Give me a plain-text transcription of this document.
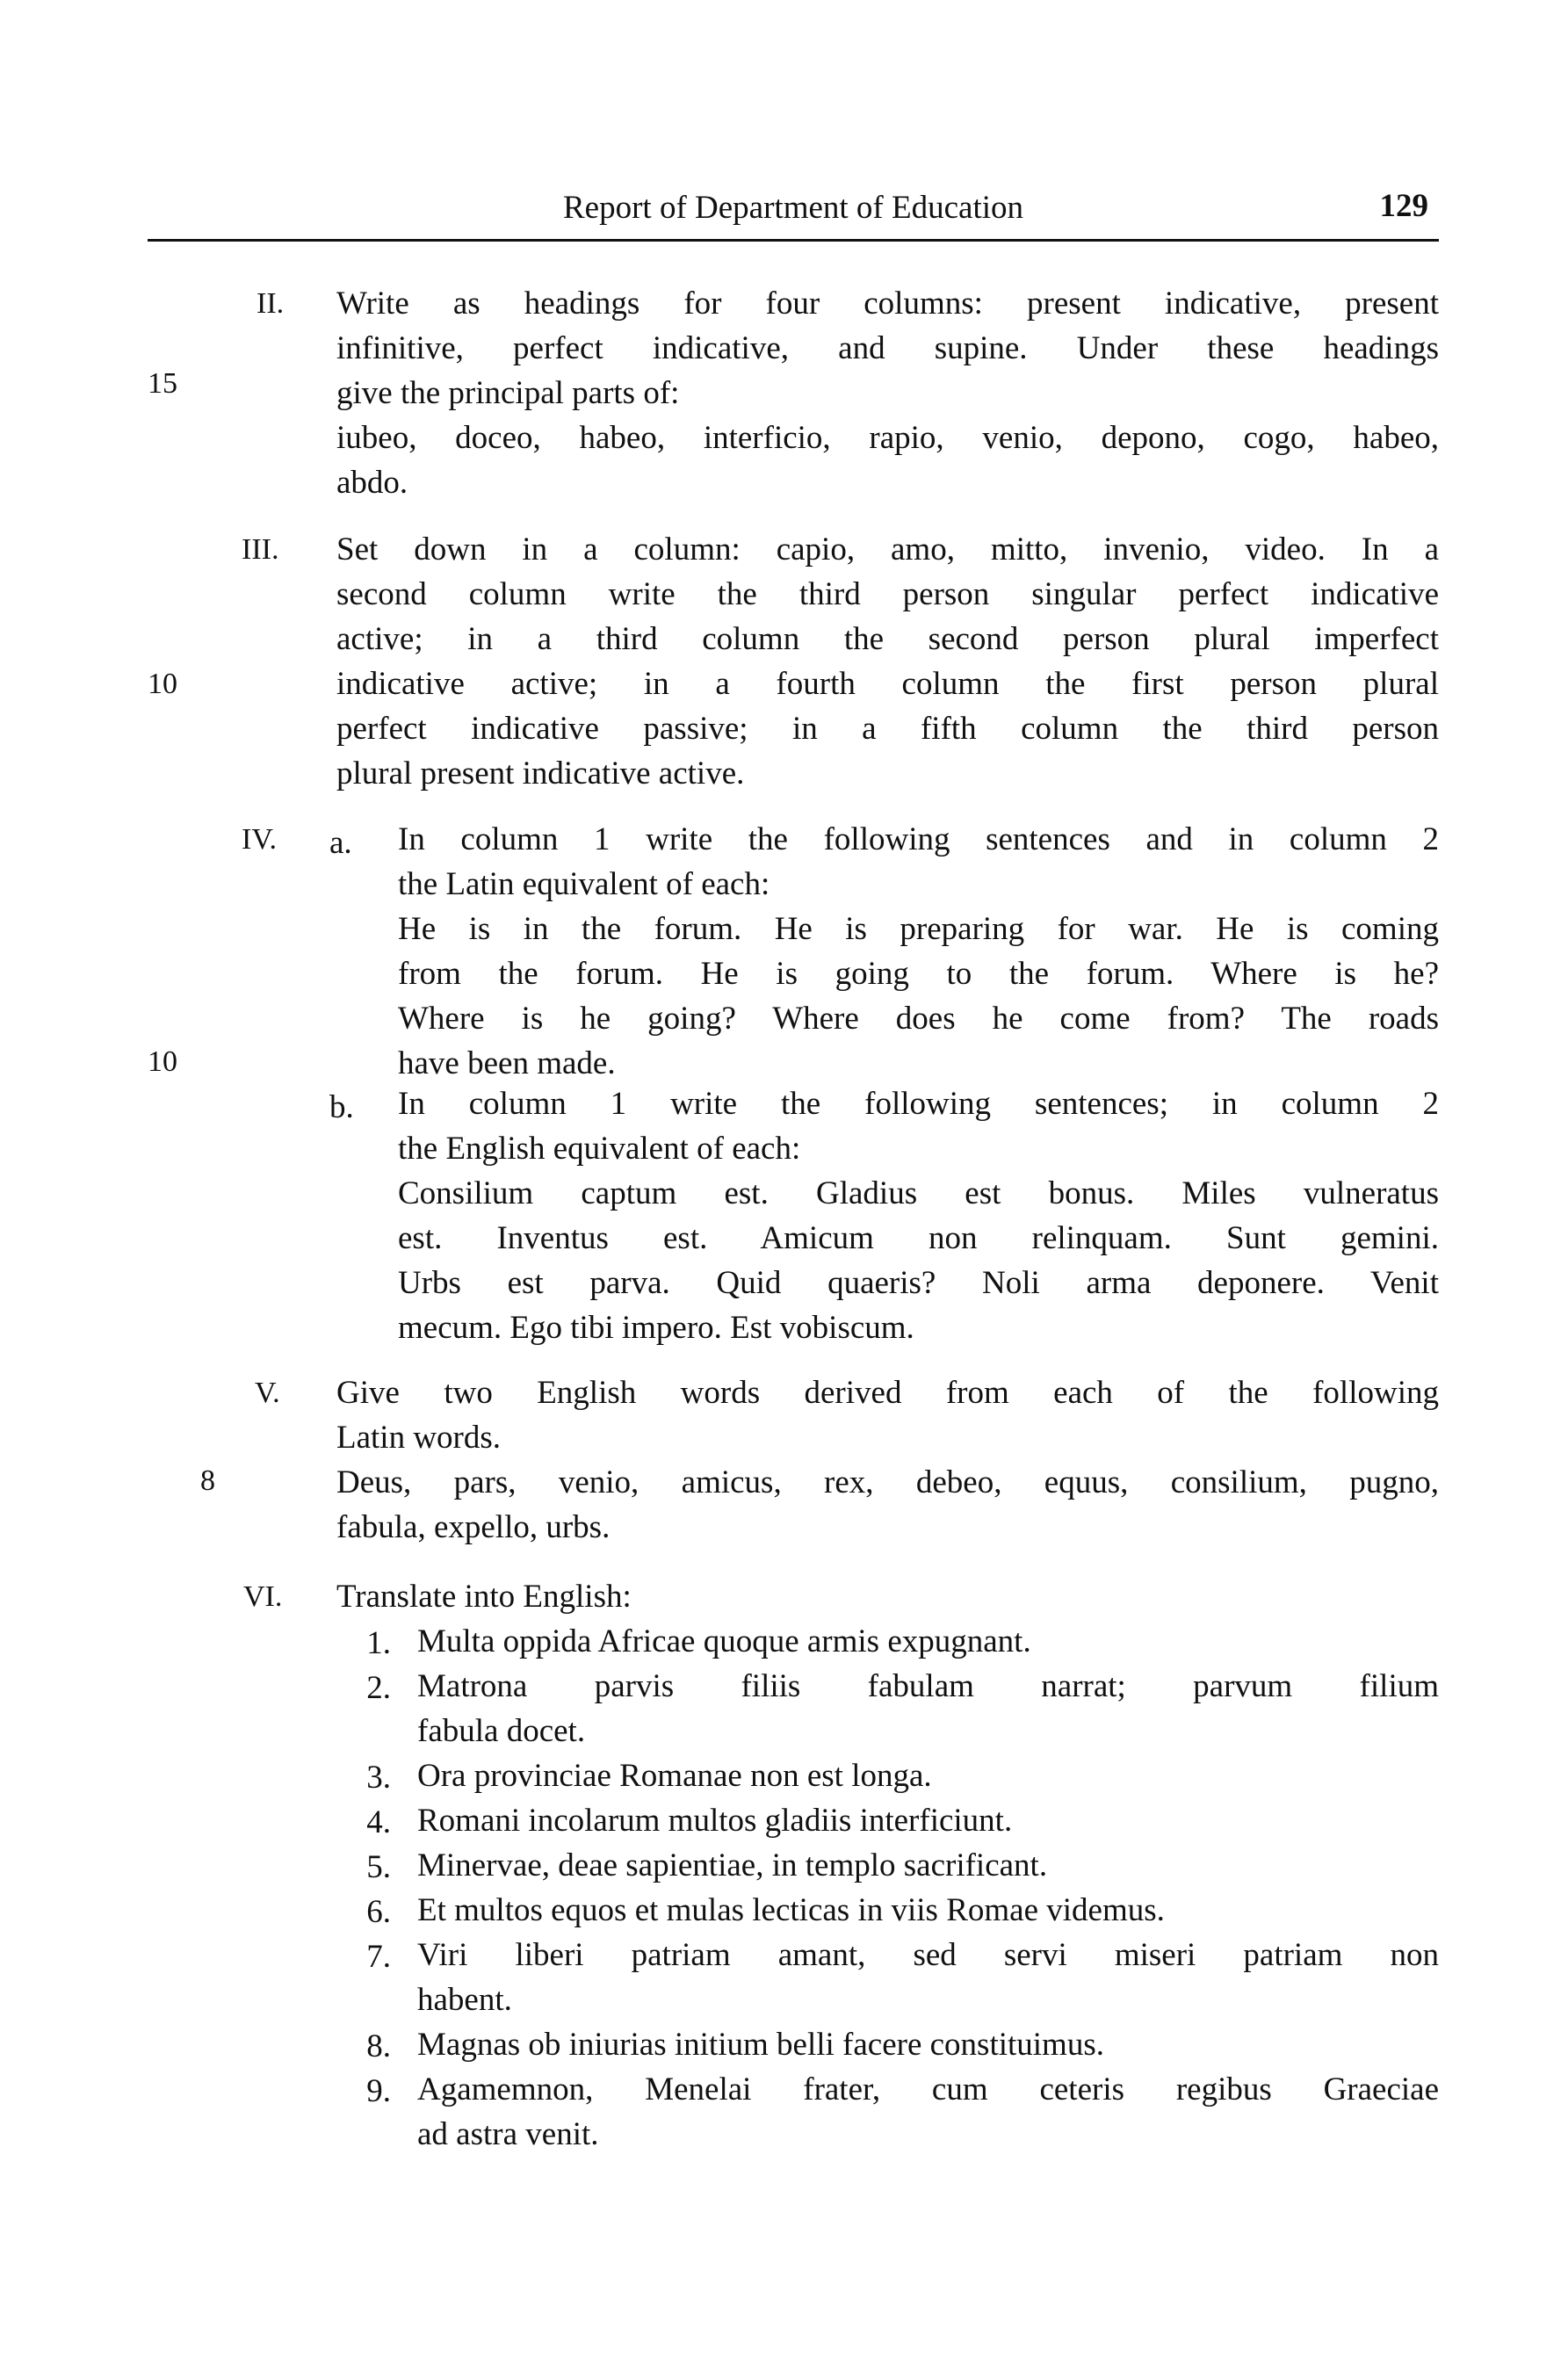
Report of Department of Education	129
15
10
10
8
II. Write as headings for four columns: present indicative, present
infinitive, perfect indicative, and supine. Under these headings
give the principal parts of:
iubeo, doceo, habeo, interficio, rapio, venio, depono, cogo, habeo,
abdo.
III. Set down in a column: capio, amo, mitto, invenio, video. In a
second column write the third person singular perfect indicative
active; in a third column the second person plural imperfect
indicative active; in a fourth column the first person plural
perfect indicative passive; in a fifth column the third person
plural present indicative active.
IV. a. In column 1 write the following sentences and in column 2
the Latin equivalent of each:
He is in the forum. He is preparing for war. He is coming
from the forum. He is going to the forum. Where is he?
Where is he going? Where does he come from? The roads
have been made.
b. In column 1 write the following sentences; in column 2
the English equivalent of each:
Consilium captum est. Gladius est bonus. Miles vulneratus
est. Inventus est. Amicum non relinquam. Sunt gemini.
Urbs est parva. Quid quaeris? Noli arma deponere. Venit
mecum. Ego tibi impero. Est vobiscum.
V. Give two English words derived from each of the following
Latin words.
Deus, pars, venio, amicus, rex, debeo, equus, consilium, pugno,
fabula, expello, urbs.
VI. Translate into English:
1. Multa oppida Africae quoque armis expugnant.
2. Matrona parvis filiis fabulam narrat; parvum filium
fabula docet.
3. Ora provinciae Romanae non est longa.
4. Romani incolarum multos gladiis interficiunt.
5. Minervae, deae sapientiae, in templo sacrificant.
6. Et multos equos et mulas lecticas in viis Romae videmus.
7. Viri liberi patriam amant, sed servi miseri patriam non
habent.
8. Magnas ob iniurias initium belli facere constituimus.
9. Agamemnon, Menelai frater, cum ceteris regibus Graeciae
ad astra venit.
